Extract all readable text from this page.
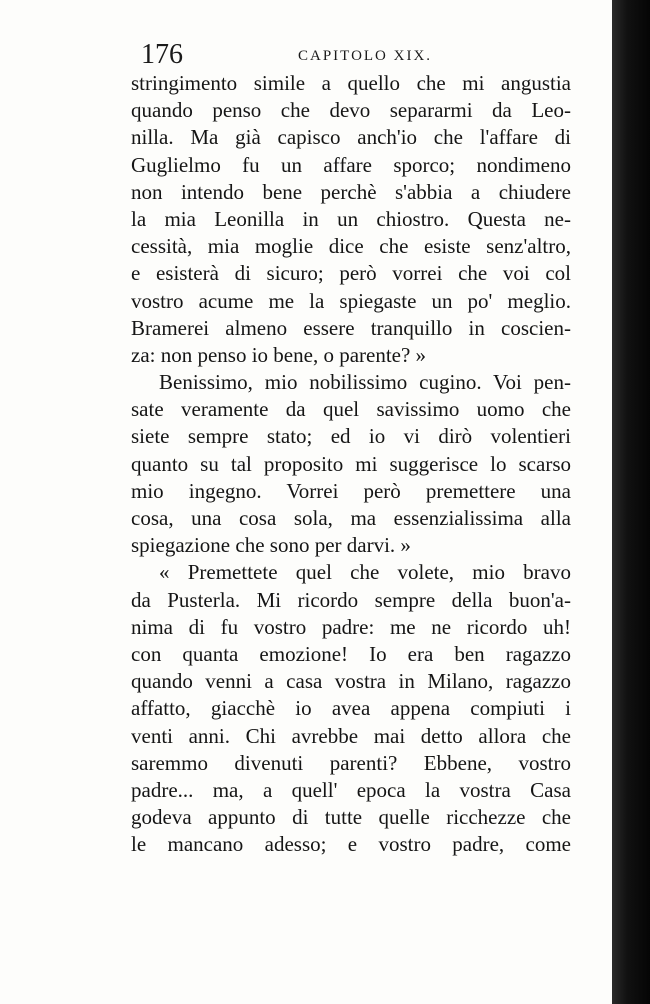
176	CAPITOLO XIX.
stringimento simile a quello che mi angustia
quando penso che devo separarmi da Leo-
nilla. Ma già capisco anch'io che l'affare di
Guglielmo fu un affare sporco; nondimeno
non intendo bene perchè s'abbia a chiudere
la mia Leonilla in un chiostro. Questa ne-
cessità, mia moglie dice che esiste senz'altro,
e esisterà di sicuro; però vorrei che voi col
vostro acume me la spiegaste un po' meglio.
Bramerei almeno essere tranquillo in coscien-
za: non penso io bene, o parente? »
Benissimo, mio nobilissimo cugino. Voi pen-
sate veramente da quel savissimo uomo che
siete sempre stato; ed io vi dirò volentieri
quanto su tal proposito mi suggerisce lo scarso
mio ingegno. Vorrei però premettere una
cosa, una cosa sola, ma essenzialissima alla
spiegazione che sono per darvi. »
« Premettete quel che volete, mio bravo
da Pusterla. Mi ricordo sempre della buon'a-
nima di fu vostro padre: me ne ricordo uh!
con quanta emozione! Io era ben ragazzo
quando venni a casa vostra in Milano, ragazzo
affatto, giacchè io avea appena compiuti i
venti anni. Chi avrebbe mai detto allora che
saremmo divenuti parenti? Ebbene, vostro
padre... ma, a quell' epoca la vostra Casa
godeva appunto di tutte quelle ricchezze che
le mancano adesso; e vostro padre, come
